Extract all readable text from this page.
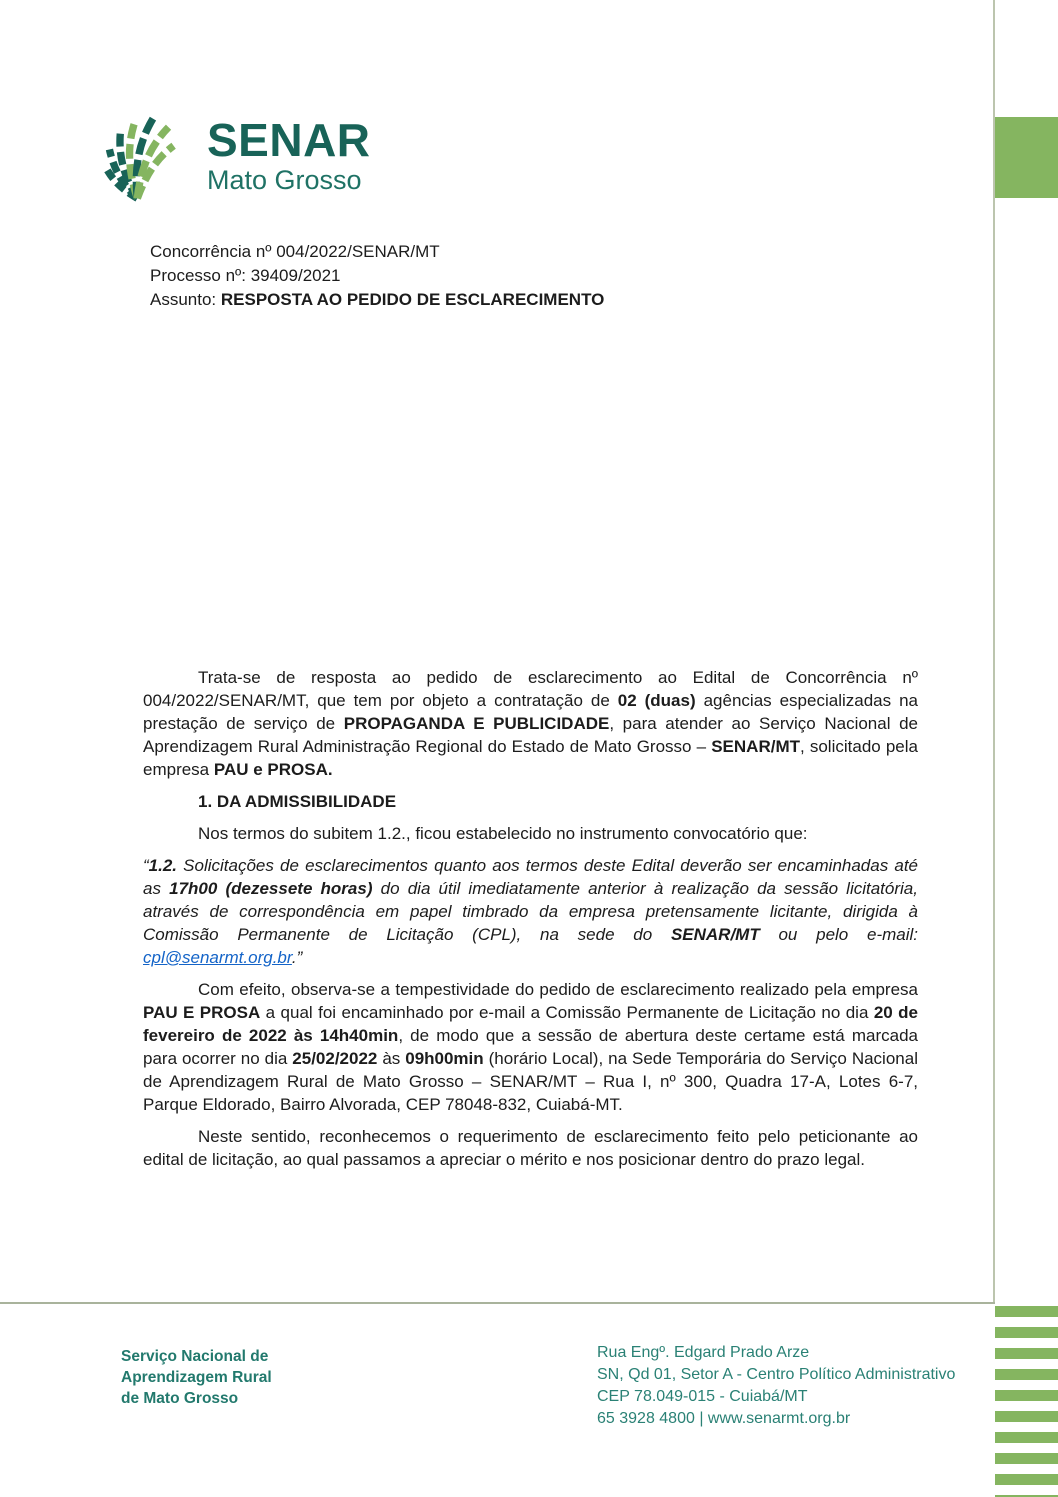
SENAR
Mato Grosso
Concorrência nº 004/2022/SENAR/MT
Processo nº: 39409/2021
Assunto: RESPOSTA AO PEDIDO DE ESCLARECIMENTO

Trata-se de resposta ao pedido de esclarecimento ao Edital de Concorrência nº 004/2022/SENAR/MT, que tem por objeto a contratação de 02 (duas) agências especializadas na prestação de serviço de PROPAGANDA E PUBLICIDADE, para atender ao Serviço Nacional de Aprendizagem Rural Administração Regional do Estado de Mato Grosso – SENAR/MT, solicitado pela empresa PAU e PROSA.

1. DA ADMISSIBILIDADE

Nos termos do subitem 1.2., ficou estabelecido no instrumento convocatório que:

“1.2. Solicitações de esclarecimentos quanto aos termos deste Edital deverão ser encaminhadas até as 17h00 (dezessete horas) do dia útil imediatamente anterior à realização da sessão licitatória, através de correspondência em papel timbrado da empresa pretensamente licitante, dirigida à Comissão Permanente de Licitação (CPL), na sede do SENAR/MT ou pelo e-mail: cpl@senarmt.org.br.”

Com efeito, observa-se a tempestividade do pedido de esclarecimento realizado pela empresa PAU E PROSA a qual foi encaminhado por e-mail a Comissão Permanente de Licitação no dia 20 de fevereiro de 2022 às 14h40min, de modo que a sessão de abertura deste certame está marcada para ocorrer no dia 25/02/2022 às 09h00min (horário Local), na Sede Temporária do Serviço Nacional de Aprendizagem Rural de Mato Grosso – SENAR/MT – Rua I, nº 300, Quadra 17-A, Lotes 6-7, Parque Eldorado, Bairro Alvorada, CEP 78048-832, Cuiabá-MT.

Neste sentido, reconhecemos o requerimento de esclarecimento feito pelo peticionante ao edital de licitação, ao qual passamos a apreciar o mérito e nos posicionar dentro do prazo legal.

Serviço Nacional de
Aprendizagem Rural
de Mato Grosso
Rua Engº. Edgard Prado Arze
SN, Qd 01, Setor A - Centro Político Administrativo
CEP 78.049-015 - Cuiabá/MT
65 3928 4800 | www.senarmt.org.br
